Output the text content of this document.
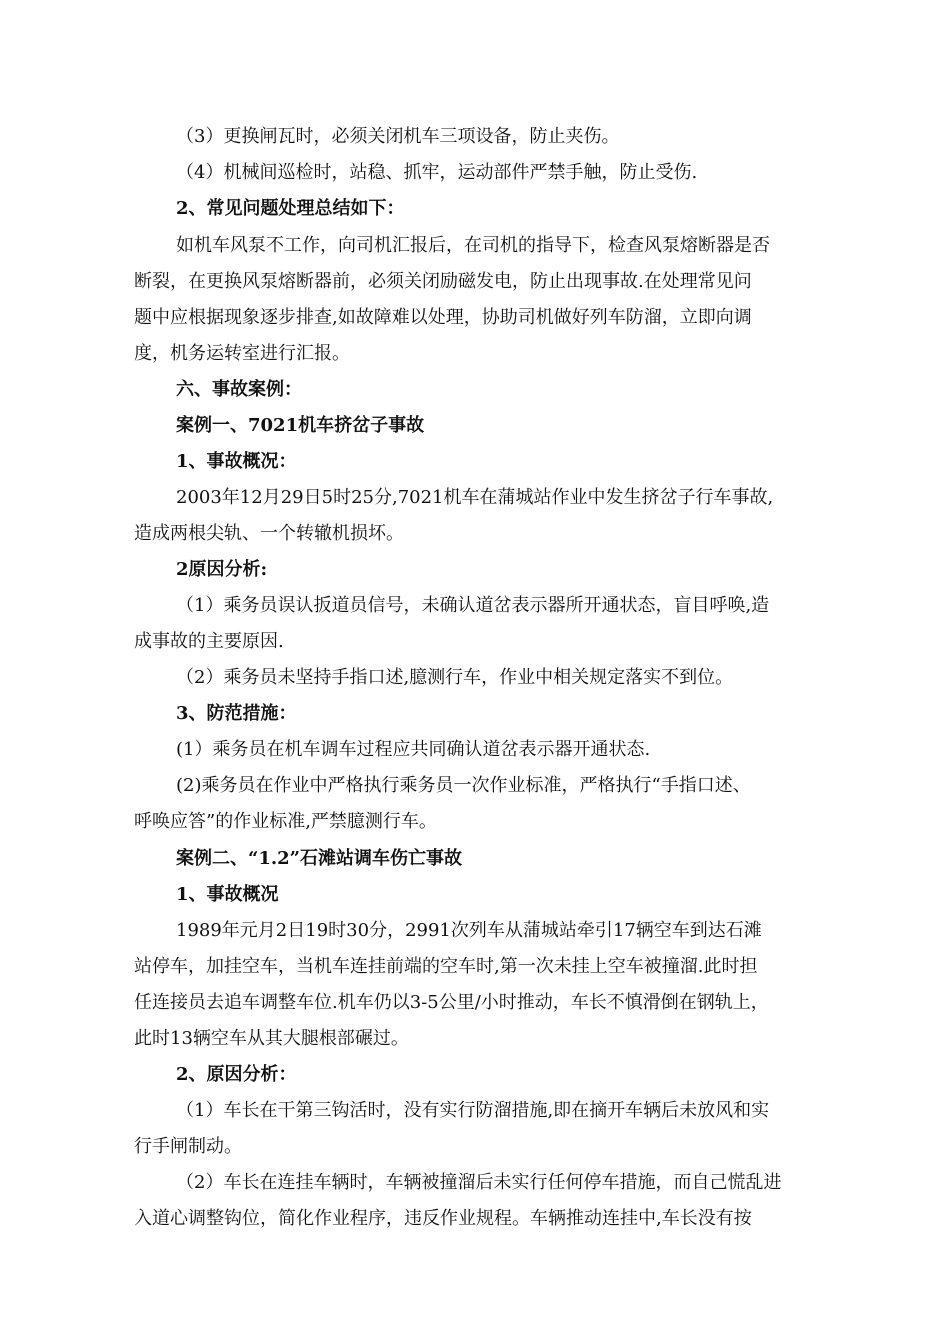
（3）更换闸瓦时，必须关闭机车三项设备，防止夹伤。
（4）机械间巡检时，站稳、抓牢，运动部件严禁手触，防止受伤.
2、常见问题处理总结如下：
如机车风泵不工作，向司机汇报后，在司机的指导下，检查风泵熔断器是否
断裂，在更换风泵熔断器前，必须关闭励磁发电，防止出现事故.在处理常见问
题中应根据现象逐步排查,如故障难以处理，协助司机做好列车防溜，立即向调
度，机务运转室进行汇报。
六、事故案例：
案例一、7021机车挤岔子事故
1、事故概况：
2003年12月29日5时25分,7021机车在蒲城站作业中发生挤岔子行车事故,
造成两根尖轨、一个转辙机损坏。
2原因分析:
（1）乘务员误认扳道员信号，未确认道岔表示器所开通状态，盲目呼唤,造
成事故的主要原因.
（2）乘务员未坚持手指口述,臆测行车，作业中相关规定落实不到位。
3、防范措施：
(1）乘务员在机车调车过程应共同确认道岔表示器开通状态.
(2)乘务员在作业中严格执行乘务员一次作业标准，严格执行“手指口述、
呼唤应答”的作业标准,严禁臆测行车。
案例二、“1.2”石滩站调车伤亡事故
1、事故概况
1989年元月2日19时30分，2991次列车从蒲城站牵引17辆空车到达石滩
站停车，加挂空车，当机车连挂前端的空车时,第一次未挂上空车被撞溜.此时担
任连接员去追车调整车位.机车仍以3-5公里/小时推动，车长不慎滑倒在钢轨上，
此时13辆空车从其大腿根部碾过。
2、原因分析：
（1）车长在干第三钩活时，没有实行防溜措施,即在摘开车辆后未放风和实
行手闸制动。
（2）车长在连挂车辆时，车辆被撞溜后未实行任何停车措施，而自己慌乱进
入道心调整钩位，简化作业程序，违反作业规程。车辆推动连挂中,车长没有按
